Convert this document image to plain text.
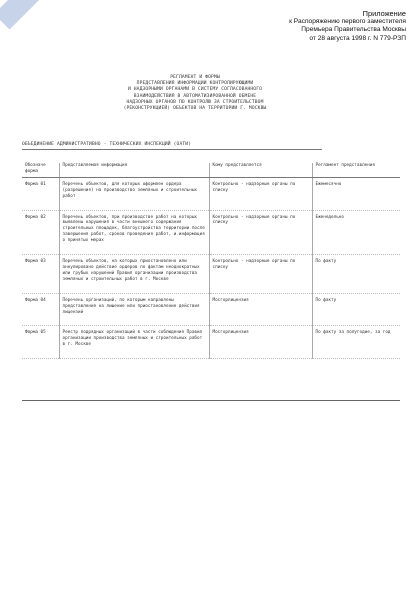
Приложение
к Распоряжению первого заместителя
Премьера Правительства Москвы
от 28 августа 1998 г. N 779-РЗП
РЕГЛАМЕНТ И ФОРМЫ
ПРЕДСТАВЛЕНИЯ ИНФОРМАЦИИ КОНТРОЛИРУЮЩИМИ
И НАДЗОРНЫМИ ОРГАНАМИ В СИСТЕМУ СОГЛАСОВАННОГО
ВЗАИМОДЕЙСТВИЯ В АВТОМАТИЗИРОВАННОЙ ОБМЕНЕ
НАДЗОРНЫХ ОРГАНОВ ПО КОНТРОЛЮ ЗА СТРОИТЕЛЬСТВОМ
(РЕКОНСТРУКЦИЕЙ) ОБЪЕКТОВ НА ТЕРРИТОРИИ Г. МОСКВЫ
ОБЪЕДИНЕНИЕ АДМИНИСТРАТИВНО - ТЕХНИЧЕСКИХ ИНСПЕКЦИЙ (ОАТИ)
Обозначе форма	Представляемая информация	Кому представляется	Регламент представления
Форма 01	Перечень объектов, для которых оформлен ордера (разрешения) на производство земляных и строительных работ	Контрольно - надзорные органы по списку	Ежемесячно
Форма 02	Перечень объектов, при производстве работ на которых выявлены нарушения в части внешнего содержания строительных площадок, благоустройства территории после завершения работ, сроков проведения работ, и информация о принятых мерах	Контрольно - надзорные органы по списку	Еженедельно
Форма 03	Перечень объектов, на которых приостановлено или аннулировано действие ордеров по фактам неоднократных или грубых нарушений Правил организации производства земляных и строительных работ в г. Москве	Контрольно - надзорные органы по списку	По факту
Форма 04	Перечень организаций, по которым направлены представления на лишение или приостановление действия лицензий	Мосгорлицензия	По факту
Форма 05	Реестр подрядных организаций в части соблюдения Правил организации производства земляных и строительных работ в г. Москве	Мосгорлицензия	По факту за полугодие, за год
